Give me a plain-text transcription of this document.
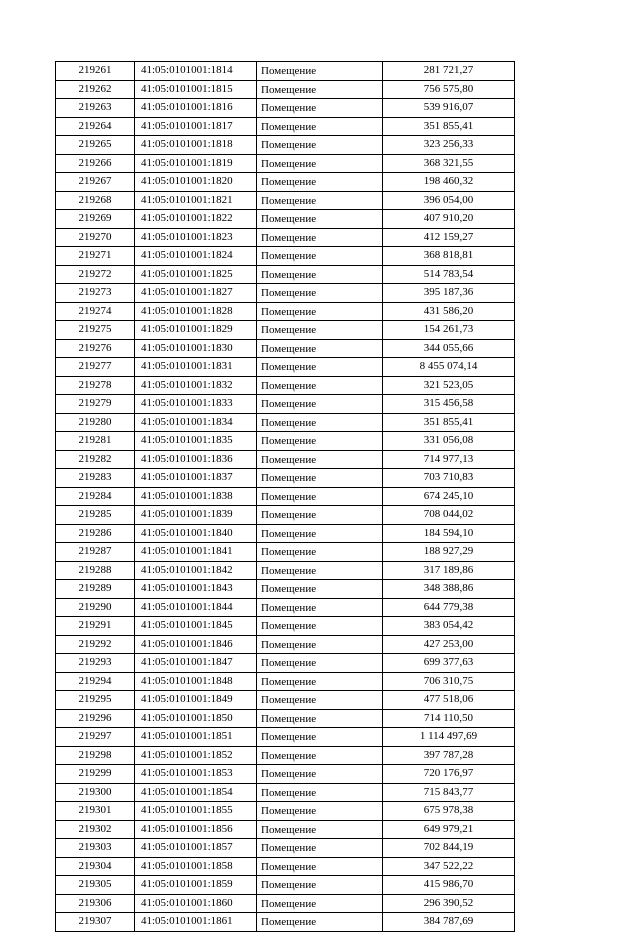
219261	41:05:0101001:1814	Помещение	281 721,27
219262	41:05:0101001:1815	Помещение	756 575,80
219263	41:05:0101001:1816	Помещение	539 916,07
219264	41:05:0101001:1817	Помещение	351 855,41
219265	41:05:0101001:1818	Помещение	323 256,33
219266	41:05:0101001:1819	Помещение	368 321,55
219267	41:05:0101001:1820	Помещение	198 460,32
219268	41:05:0101001:1821	Помещение	396 054,00
219269	41:05:0101001:1822	Помещение	407 910,20
219270	41:05:0101001:1823	Помещение	412 159,27
219271	41:05:0101001:1824	Помещение	368 818,81
219272	41:05:0101001:1825	Помещение	514 783,54
219273	41:05:0101001:1827	Помещение	395 187,36
219274	41:05:0101001:1828	Помещение	431 586,20
219275	41:05:0101001:1829	Помещение	154 261,73
219276	41:05:0101001:1830	Помещение	344 055,66
219277	41:05:0101001:1831	Помещение	8 455 074,14
219278	41:05:0101001:1832	Помещение	321 523,05
219279	41:05:0101001:1833	Помещение	315 456,58
219280	41:05:0101001:1834	Помещение	351 855,41
219281	41:05:0101001:1835	Помещение	331 056,08
219282	41:05:0101001:1836	Помещение	714 977,13
219283	41:05:0101001:1837	Помещение	703 710,83
219284	41:05:0101001:1838	Помещение	674 245,10
219285	41:05:0101001:1839	Помещение	708 044,02
219286	41:05:0101001:1840	Помещение	184 594,10
219287	41:05:0101001:1841	Помещение	188 927,29
219288	41:05:0101001:1842	Помещение	317 189,86
219289	41:05:0101001:1843	Помещение	348 388,86
219290	41:05:0101001:1844	Помещение	644 779,38
219291	41:05:0101001:1845	Помещение	383 054,42
219292	41:05:0101001:1846	Помещение	427 253,00
219293	41:05:0101001:1847	Помещение	699 377,63
219294	41:05:0101001:1848	Помещение	706 310,75
219295	41:05:0101001:1849	Помещение	477 518,06
219296	41:05:0101001:1850	Помещение	714 110,50
219297	41:05:0101001:1851	Помещение	1 114 497,69
219298	41:05:0101001:1852	Помещение	397 787,28
219299	41:05:0101001:1853	Помещение	720 176,97
219300	41:05:0101001:1854	Помещение	715 843,77
219301	41:05:0101001:1855	Помещение	675 978,38
219302	41:05:0101001:1856	Помещение	649 979,21
219303	41:05:0101001:1857	Помещение	702 844,19
219304	41:05:0101001:1858	Помещение	347 522,22
219305	41:05:0101001:1859	Помещение	415 986,70
219306	41:05:0101001:1860	Помещение	296 390,52
219307	41:05:0101001:1861	Помещение	384 787,69
